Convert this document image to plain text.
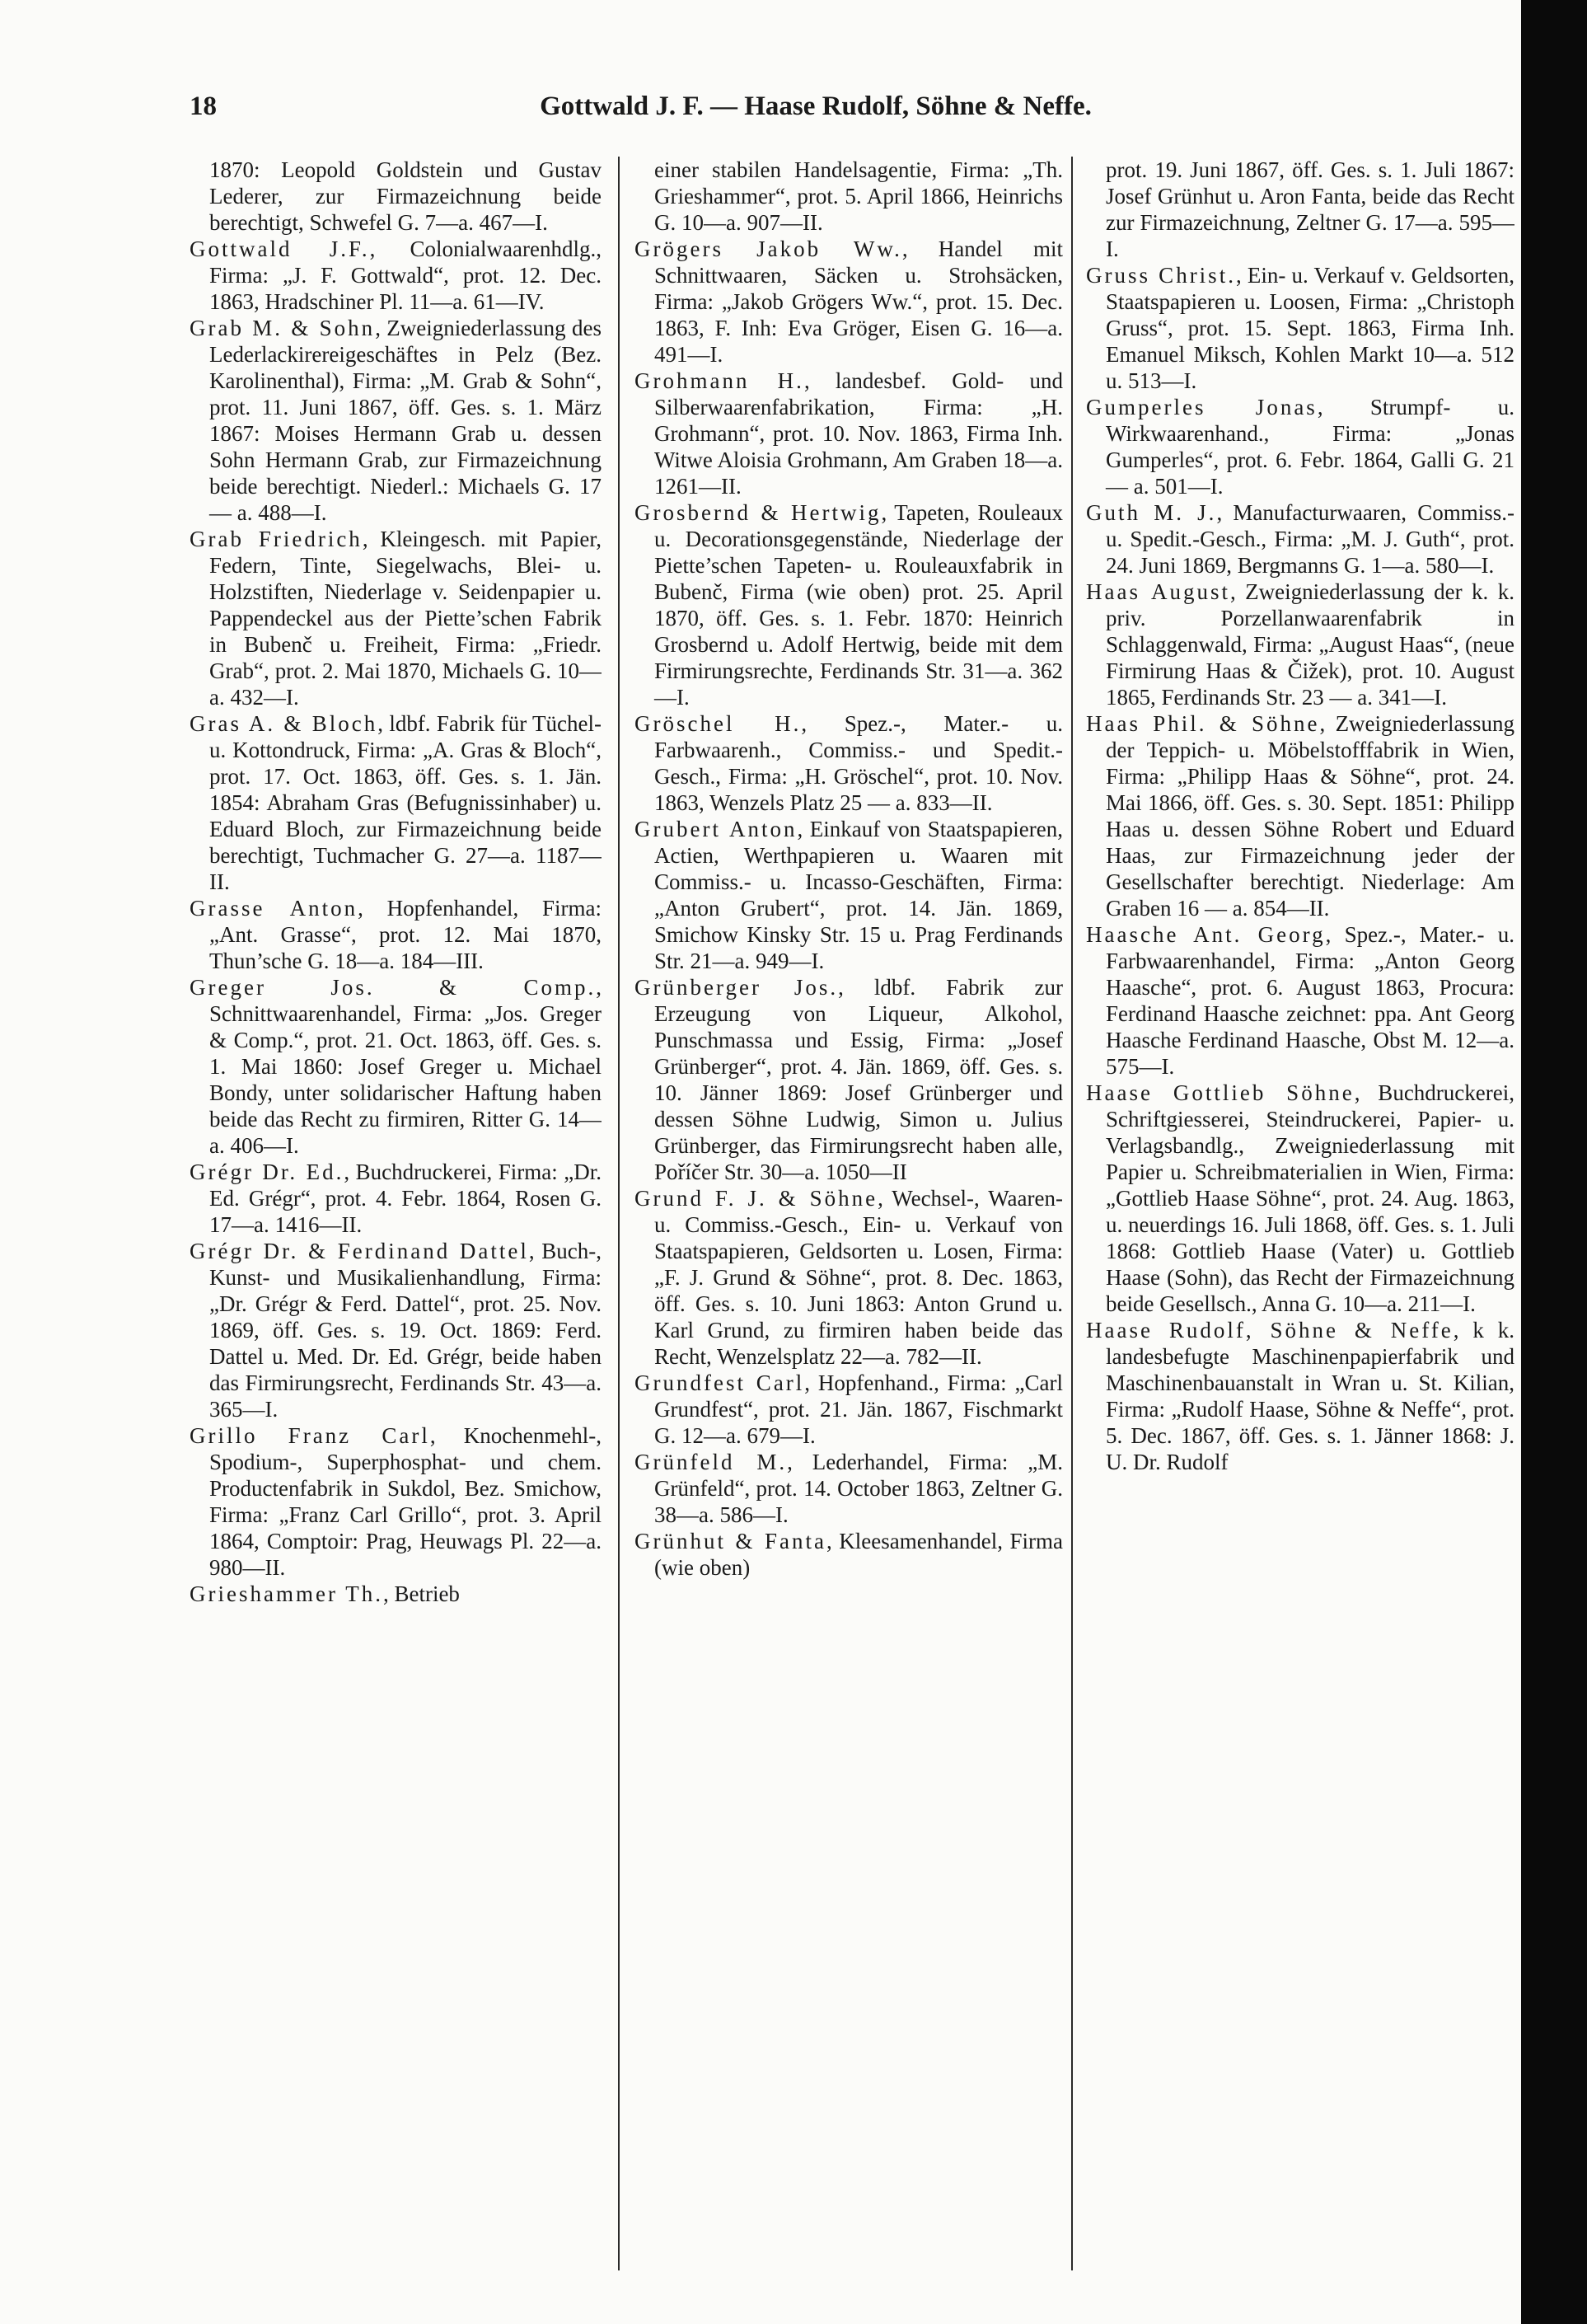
18	Gottwald J. F. — Haase Rudolf, Söhne & Neffe.

1870: Leopold Goldstein und Gustav Lederer, zur Firmazeichnung beide berechtigt, Schwefel G. 7—a. 467—I.

Gottwald J.F., Colonialwaarenhdlg., Firma: „J. F. Gottwald“, prot. 12. Dec. 1863, Hradschiner Pl. 11—a. 61—IV.

Grab M. & Sohn, Zweigniederlassung des Lederlackirereigeschäftes in Pelz (Bez. Karolinenthal), Firma: „M. Grab & Sohn“, prot. 11. Juni 1867, öff. Ges. s. 1. März 1867: Moises Hermann Grab u. dessen Sohn Hermann Grab, zur Firmazeichnung beide berechtigt. Niederl.: Michaels G. 17 — a. 488—I.

Grab Friedrich, Kleingesch. mit Papier, Federn, Tinte, Siegelwachs, Blei- u. Holzstiften, Niederlage v. Seidenpapier u. Pappendeckel aus der Piette’schen Fabrik in Bubenč u. Freiheit, Firma: „Friedr. Grab“, prot. 2. Mai 1870, Michaels G. 10—a. 432—I.

Gras A. & Bloch, ldbf. Fabrik für Tüchel- u. Kottondruck, Firma: „A. Gras & Bloch“, prot. 17. Oct. 1863, öff. Ges. s. 1. Jän. 1854: Abraham Gras (Befugnissinhaber) u. Eduard Bloch, zur Firmazeichnung beide berechtigt, Tuchmacher G. 27—a. 1187—II.

Grasse Anton, Hopfenhandel, Firma: „Ant. Grasse“, prot. 12. Mai 1870, Thun’sche G. 18—a. 184—III.

Greger Jos. & Comp., Schnittwaarenhandel, Firma: „Jos. Greger & Comp.“, prot. 21. Oct. 1863, öff. Ges. s. 1. Mai 1860: Josef Greger u. Michael Bondy, unter solidarischer Haftung haben beide das Recht zu firmiren, Ritter G. 14—a. 406—I.

Grégr Dr. Ed., Buchdruckerei, Firma: „Dr. Ed. Grégr“, prot. 4. Febr. 1864, Rosen G. 17—a. 1416—II.

Grégr Dr. & Ferdinand Dattel, Buch-, Kunst- und Musikalienhandlung, Firma: „Dr. Grégr & Ferd. Dattel“, prot. 25. Nov. 1869, öff. Ges. s. 19. Oct. 1869: Ferd. Dattel u. Med. Dr. Ed. Grégr, beide haben das Firmirungsrecht, Ferdinands Str. 43—a. 365—I.

Grillo Franz Carl, Knochenmehl-, Spodium-, Superphosphat- und chem. Productenfabrik in Sukdol, Bez. Smichow, Firma: „Franz Carl Grillo“, prot. 3. April 1864, Comptoir: Prag, Heuwags Pl. 22—a. 980—II.

Grieshammer Th., Betrieb

einer stabilen Handelsagentie, Firma: „Th. Grieshammer“, prot. 5. April 1866, Heinrichs G. 10—a. 907—II.

Grögers Jakob Ww., Handel mit Schnittwaaren, Säcken u. Strohsäcken, Firma: „Jakob Grögers Ww.“, prot. 15. Dec. 1863, F. Inh: Eva Gröger, Eisen G. 16—a. 491—I.

Grohmann H., landesbef. Gold- und Silberwaarenfabrikation, Firma: „H. Grohmann“, prot. 10. Nov. 1863, Firma Inh. Witwe Aloisia Grohmann, Am Graben 18—a. 1261—II.

Grosbernd & Hertwig, Tapeten, Rouleaux u. Decorationsgegenstände, Niederlage der Piette’schen Tapeten- u. Rouleauxfabrik in Bubenč, Firma (wie oben) prot. 25. April 1870, öff. Ges. s. 1. Febr. 1870: Heinrich Grosbernd u. Adolf Hertwig, beide mit dem Firmirungsrechte, Ferdinands Str. 31—a. 362—I.

Gröschel H., Spez.-, Mater.- u. Farbwaarenh., Commiss.- und Spedit.-Gesch., Firma: „H. Gröschel“, prot. 10. Nov. 1863, Wenzels Platz 25 — a. 833—II.

Grubert Anton, Einkauf von Staatspapieren, Actien, Werthpapieren u. Waaren mit Commiss.- u. Incasso-Geschäften, Firma: „Anton Grubert“, prot. 14. Jän. 1869, Smichow Kinsky Str. 15 u. Prag Ferdinands Str. 21—a. 949—I.

Grünberger Jos., ldbf. Fabrik zur Erzeugung von Liqueur, Alkohol, Punschmassa und Essig, Firma: „Josef Grünberger“, prot. 4. Jän. 1869, öff. Ges. s. 10. Jänner 1869: Josef Grünberger und dessen Söhne Ludwig, Simon u. Julius Grünberger, das Firmirungsrecht haben alle, Poříčer Str. 30—a. 1050—II

Grund F. J. & Söhne, Wechsel-, Waaren- u. Commiss.-Gesch., Ein- u. Verkauf von Staatspapieren, Geldsorten u. Losen, Firma: „F. J. Grund & Söhne“, prot. 8. Dec. 1863, öff. Ges. s. 10. Juni 1863: Anton Grund u. Karl Grund, zu firmiren haben beide das Recht, Wenzelsplatz 22—a. 782—II.

Grundfest Carl, Hopfenhand., Firma: „Carl Grundfest“, prot. 21. Jän. 1867, Fischmarkt G. 12—a. 679—I.

Grünfeld M., Lederhandel, Firma: „M. Grünfeld“, prot. 14. October 1863, Zeltner G. 38—a. 586—I.

Grünhut & Fanta, Kleesamenhandel, Firma (wie oben)

prot. 19. Juni 1867, öff. Ges. s. 1. Juli 1867: Josef Grünhut u. Aron Fanta, beide das Recht zur Firmazeichnung, Zeltner G. 17—a. 595—I.

Gruss Christ., Ein- u. Verkauf v. Geldsorten, Staatspapieren u. Loosen, Firma: „Christoph Gruss“, prot. 15. Sept. 1863, Firma Inh. Emanuel Miksch, Kohlen Markt 10—a. 512 u. 513—I.

Gumperles Jonas, Strumpf- u. Wirkwaarenhand., Firma: „Jonas Gumperles“, prot. 6. Febr. 1864, Galli G. 21 — a. 501—I.

Guth M. J., Manufacturwaaren, Commiss.- u. Spedit.-Gesch., Firma: „M. J. Guth“, prot. 24. Juni 1869, Bergmanns G. 1—a. 580—I.

Haas August, Zweigniederlassung der k. k. priv. Porzellanwaarenfabrik in Schlaggenwald, Firma: „August Haas“, (neue Firmirung Haas & Čižek), prot. 10. August 1865, Ferdinands Str. 23 — a. 341—I.

Haas Phil. & Söhne, Zweigniederlassung der Teppich- u. Möbelstofffabrik in Wien, Firma: „Philipp Haas & Söhne“, prot. 24. Mai 1866, öff. Ges. s. 30. Sept. 1851: Philipp Haas u. dessen Söhne Robert und Eduard Haas, zur Firmazeichnung jeder der Gesellschafter berechtigt. Niederlage: Am Graben 16 — a. 854—II.

Haasche Ant. Georg, Spez.-, Mater.- u. Farbwaarenhandel, Firma: „Anton Georg Haasche“, prot. 6. August 1863, Procura: Ferdinand Haasche zeichnet: ppa. Ant Georg Haasche Ferdinand Haasche, Obst M. 12—a. 575—I.

Haase Gottlieb Söhne, Buchdruckerei, Schriftgiesserei, Steindruckerei, Papier- u. Verlagsbandlg., Zweigniederlassung mit Papier u. Schreibmaterialien in Wien, Firma: „Gottlieb Haase Söhne“, prot. 24. Aug. 1863, u. neuerdings 16. Juli 1868, öff. Ges. s. 1. Juli 1868: Gottlieb Haase (Vater) u. Gottlieb Haase (Sohn), das Recht der Firmazeichnung beide Gesellsch., Anna G. 10—a. 211—I.

Haase Rudolf, Söhne & Neffe, k k. landesbefugte Maschinenpapierfabrik und Maschinenbauanstalt in Wran u. St. Kilian, Firma: „Rudolf Haase, Söhne & Neffe“, prot. 5. Dec. 1867, öff. Ges. s. 1. Jänner 1868: J. U. Dr. Rudolf
